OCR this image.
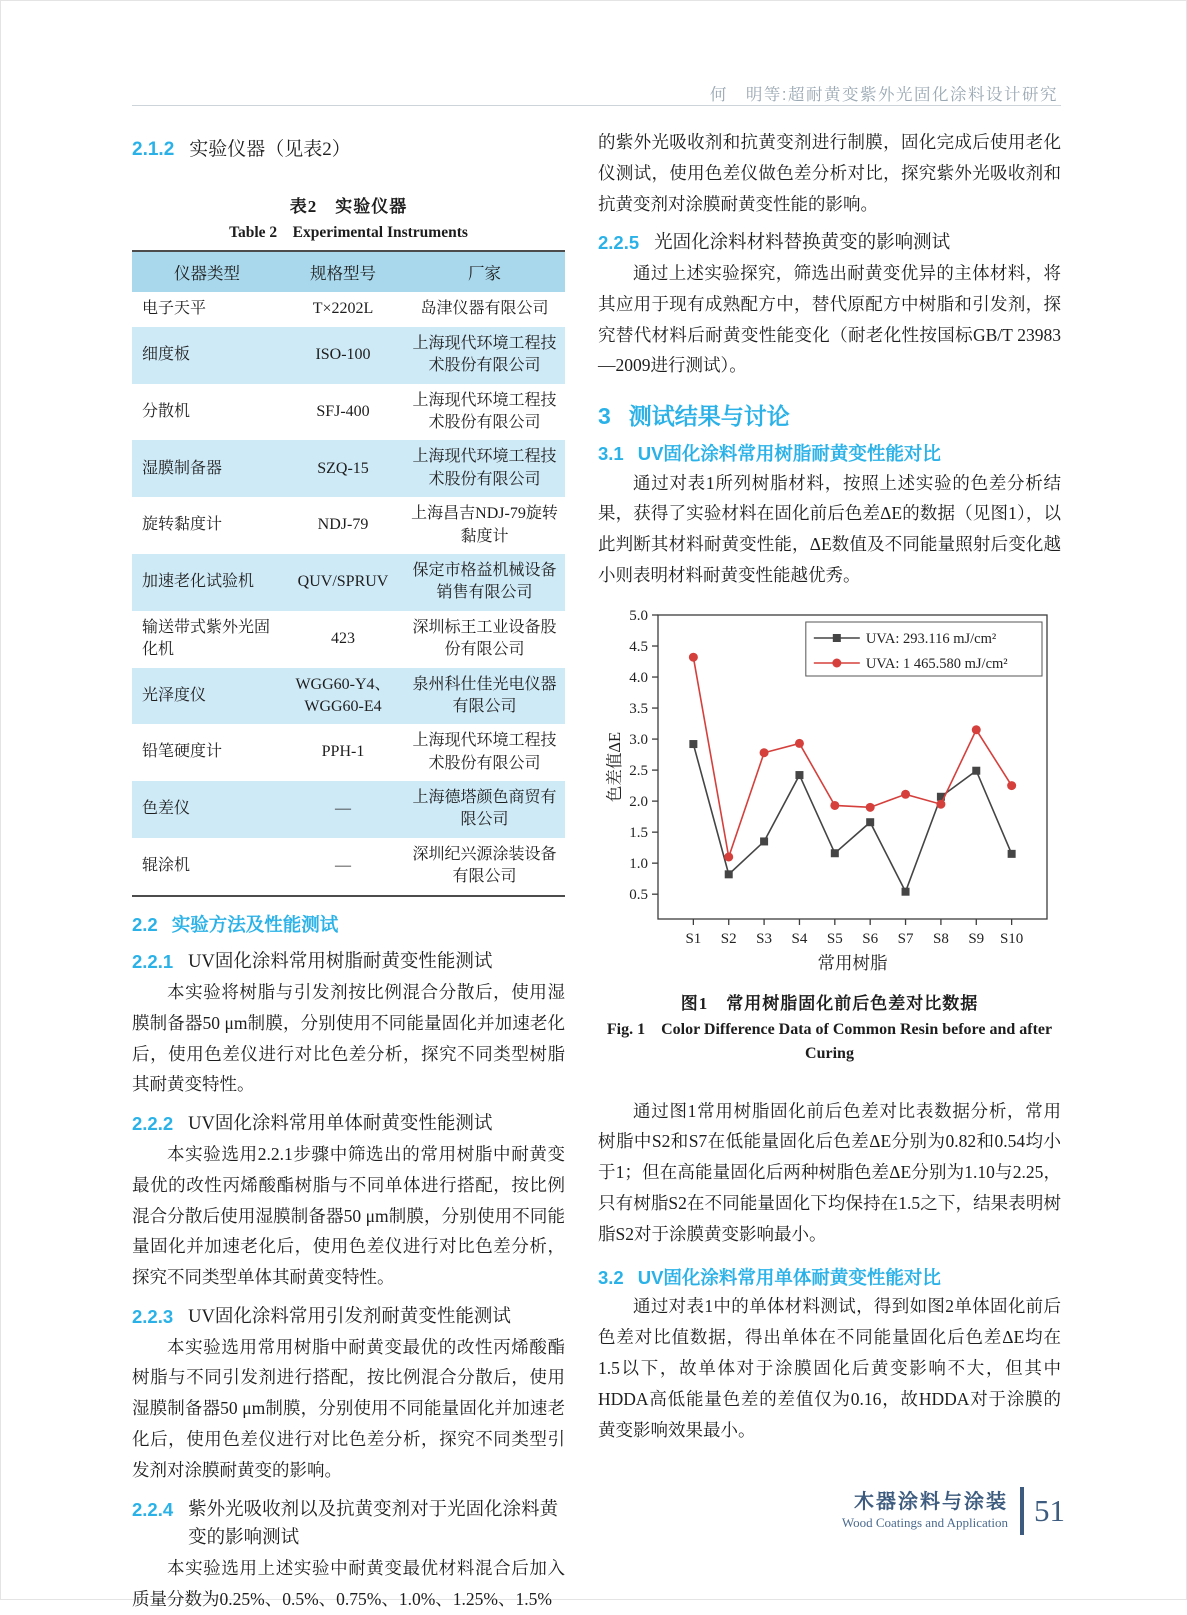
何　明等:超耐黄变紫外光固化涂料设计研究
2.1.2 实验仪器（见表2）
表2　实验仪器
Table 2　Experimental Instruments
仪器类型	规格型号	厂家
电子天平	T×2202L	岛津仪器有限公司
细度板	ISO-100	上海现代环境工程技术股份有限公司
分散机	SFJ-400	上海现代环境工程技术股份有限公司
湿膜制备器	SZQ-15	上海现代环境工程技术股份有限公司
旋转黏度计	NDJ-79	上海昌吉NDJ-79旋转黏度计
加速老化试验机	QUV/SPRUV	保定市格益机械设备销售有限公司
输送带式紫外光固化机	423	深圳标王工业设备股份有限公司
光泽度仪	WGG60-Y4、WGG60-E4	泉州科仕佳光电仪器有限公司
铅笔硬度计	PPH-1	上海现代环境工程技术股份有限公司
色差仪	—	上海德塔颜色商贸有限公司
辊涂机	—	深圳纪兴源涂装设备有限公司
2.2 实验方法及性能测试
2.2.1 UV固化涂料常用树脂耐黄变性能测试

本实验将树脂与引发剂按比例混合分散后，使用湿膜制备器50 μm制膜，分别使用不同能量固化并加速老化后，使用色差仪进行对比色差分析，探究不同类型树脂其耐黄变特性。

2.2.2 UV固化涂料常用单体耐黄变性能测试

本实验选用2.2.1步骤中筛选出的常用树脂中耐黄变最优的改性丙烯酸酯树脂与不同单体进行搭配，按比例混合分散后使用湿膜制备器50 μm制膜，分别使用不同能量固化并加速老化后，使用色差仪进行对比色差分析，探究不同类型单体其耐黄变特性。

2.2.3 UV固化涂料常用引发剂耐黄变性能测试

本实验选用常用树脂中耐黄变最优的改性丙烯酸酯树脂与不同引发剂进行搭配，按比例混合分散后，使用湿膜制备器50 μm制膜，分别使用不同能量固化并加速老化后，使用色差仪进行对比色差分析，探究不同类型引发剂对涂膜耐黄变的影响。

2.2.4 紫外光吸收剂以及抗黄变剂对于光固化涂料黄变的影响测试

本实验选用上述实验中耐黄变最优材料混合后加入质量分数为0.25%、0.5%、0.75%、1.0%、1.25%、1.5%

的紫外光吸收剂和抗黄变剂进行制膜，固化完成后使用老化仪测试，使用色差仪做色差分析对比，探究紫外光吸收剂和抗黄变剂对涂膜耐黄变性能的影响。

2.2.5 光固化涂料材料替换黄变的影响测试

通过上述实验探究，筛选出耐黄变优异的主体材料，将其应用于现有成熟配方中，替代原配方中树脂和引发剂，探究替代材料后耐黄变性能变化（耐老化性按国标GB/T 23983—2009进行测试）。

3 测试结果与讨论
3.1 UV固化涂料常用树脂耐黄变性能对比

通过对表1所列树脂材料，按照上述实验的色差分析结果，获得了实验材料在固化前后色差ΔE的数据（见图1），以此判断其材料耐黄变性能，ΔE数值及不同能量照射后变化越小则表明材料耐黄变性能越优秀。

0.5
1.0
1.5
2.0
2.5
3.0
3.5
4.0
4.5
5.0
S1 S2 S3 S4 S5 S6 S7 S8 S9 S10
UVA: 293.116 mJ/cm²
UVA: 1 465.580 mJ/cm²
常用树脂
色差值ΔE
图1　常用树脂固化前后色差对比数据
Fig. 1　Color Difference Data of Common Resin before and after Curing

通过图1常用树脂固化前后色差对比表数据分析，常用树脂中S2和S7在低能量固化后色差ΔE分别为0.82和0.54均小于1；但在高能量固化后两种树脂色差ΔE分别为1.10与2.25，只有树脂S2在不同能量固化下均保持在1.5之下，结果表明树脂S2对于涂膜黄变影响最小。

3.2 UV固化涂料常用单体耐黄变性能对比

通过对表1中的单体材料测试，得到如图2单体固化前后色差对比值数据，得出单体在不同能量固化后色差ΔE均在1.5以下，故单体对于涂膜固化后黄变影响不大，但其中HDDA高低能量色差的差值仅为0.16，故HDDA对于涂膜的黄变影响效果最小。

木器涂料与涂装
Wood Coatings and Application 51
